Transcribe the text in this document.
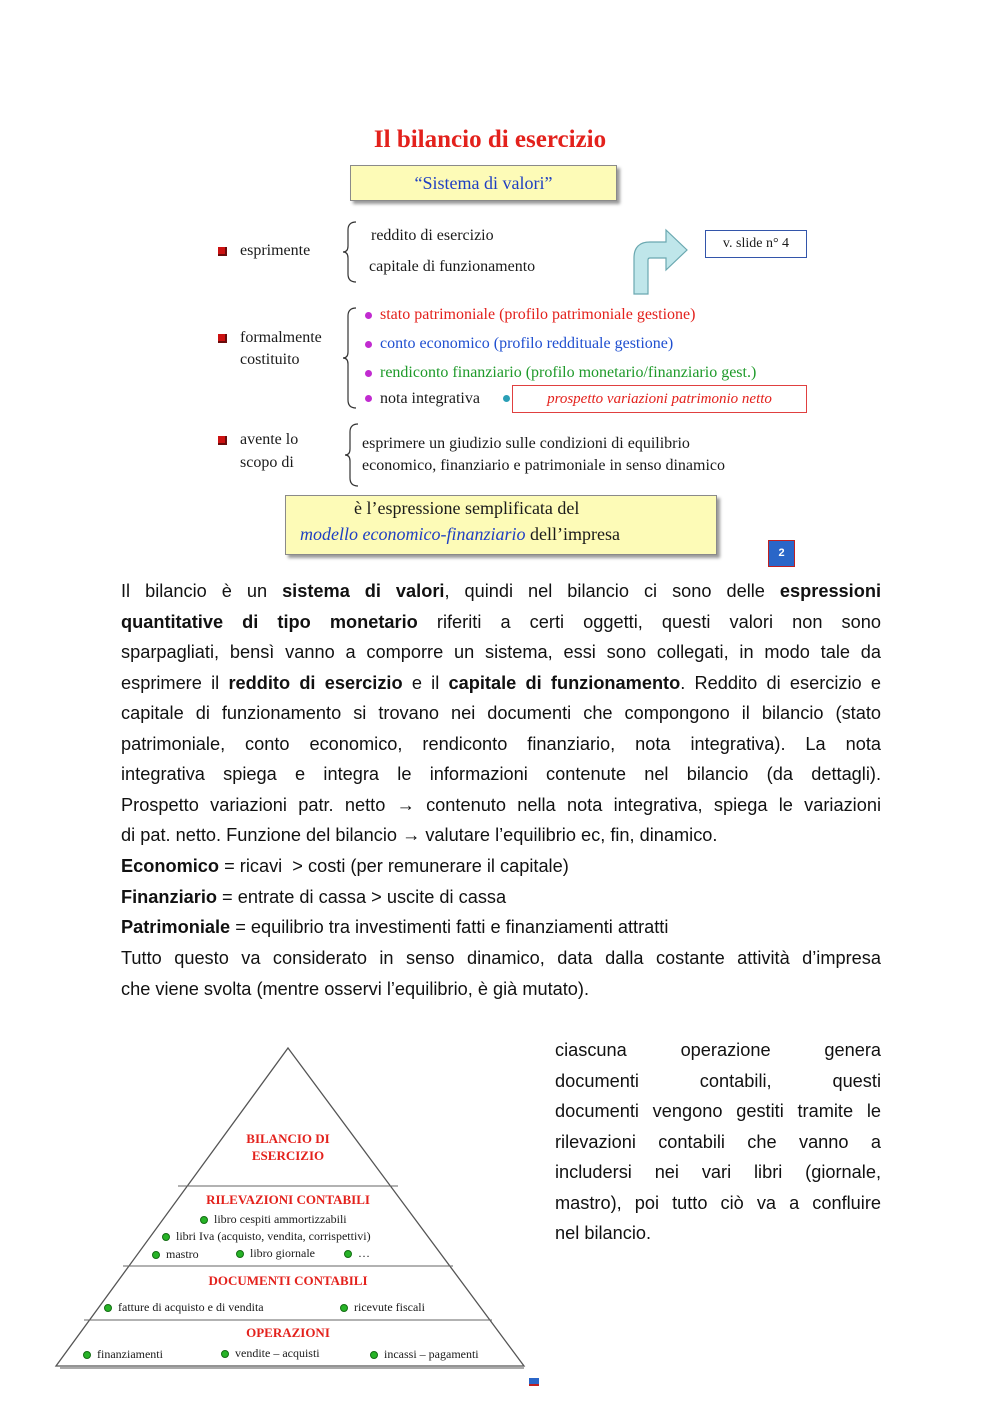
Il bilancio di esercizio
“Sistema di valori”
esprimente
reddito di esercizio
capitale di funzionamento
v. slide n° 4
formalmente
costituito
stato patrimoniale (profilo patrimoniale gestione)
conto economico (profilo reddituale gestione)
rendiconto finanziario (profilo monetario/finanziario gest.)
nota integrativa	prospetto variazioni patrimonio netto
avente lo
scopo di
esprimere un giudizio sulle condizioni di equilibrio
economico, finanziario e patrimoniale in senso dinamico
è l’espressione semplificata del
modello economico-finanziario dell’impresa
2
Il bilancio è un sistema di valori, quindi nel bilancio ci sono delle espressioni
quantitative di tipo monetario riferiti a certi oggetti, questi valori non sono
sparpagliati, bensì vanno a comporre un sistema, essi sono collegati, in modo tale da
esprimere il reddito di esercizio e il capitale di funzionamento. Reddito di esercizio e
capitale di funzionamento si trovano nei documenti che compongono il bilancio (stato
patrimoniale, conto economico, rendiconto finanziario, nota integrativa). La nota
integrativa spiega e integra le informazioni contenute nel bilancio (da dettagli).
Prospetto variazioni patr. netto → contenuto nella nota integrativa, spiega le variazioni
di pat. netto. Funzione del bilancio → valutare l’equilibrio ec, fin, dinamico.
Economico = ricavi  > costi (per remunerare il capitale)
Finanziario = entrate di cassa > uscite di cassa
Patrimoniale = equilibrio tra investimenti fatti e finanziamenti attratti
Tutto questo va considerato in senso dinamico, data dalla costante attività d’impresa
che viene svolta (mentre osservi l’equilibrio, è già mutato).
ciascuna operazione genera
documenti contabili, questi
documenti vengono gestiti tramite le
rilevazioni contabili che vanno a
includersi nei vari libri (giornale,
mastro), poi tutto ciò va a confluire
nel bilancio.
BILANCIO DI
ESERCIZIO
RILEVAZIONI CONTABILI
libro cespiti ammortizzabili
libri Iva (acquisto, vendita, corrispettivi)
mastro	libro giornale	…
DOCUMENTI CONTABILI
fatture di acquisto e di vendita	ricevute fiscali
OPERAZIONI
finanziamenti	vendite – acquisti	incassi – pagamenti
